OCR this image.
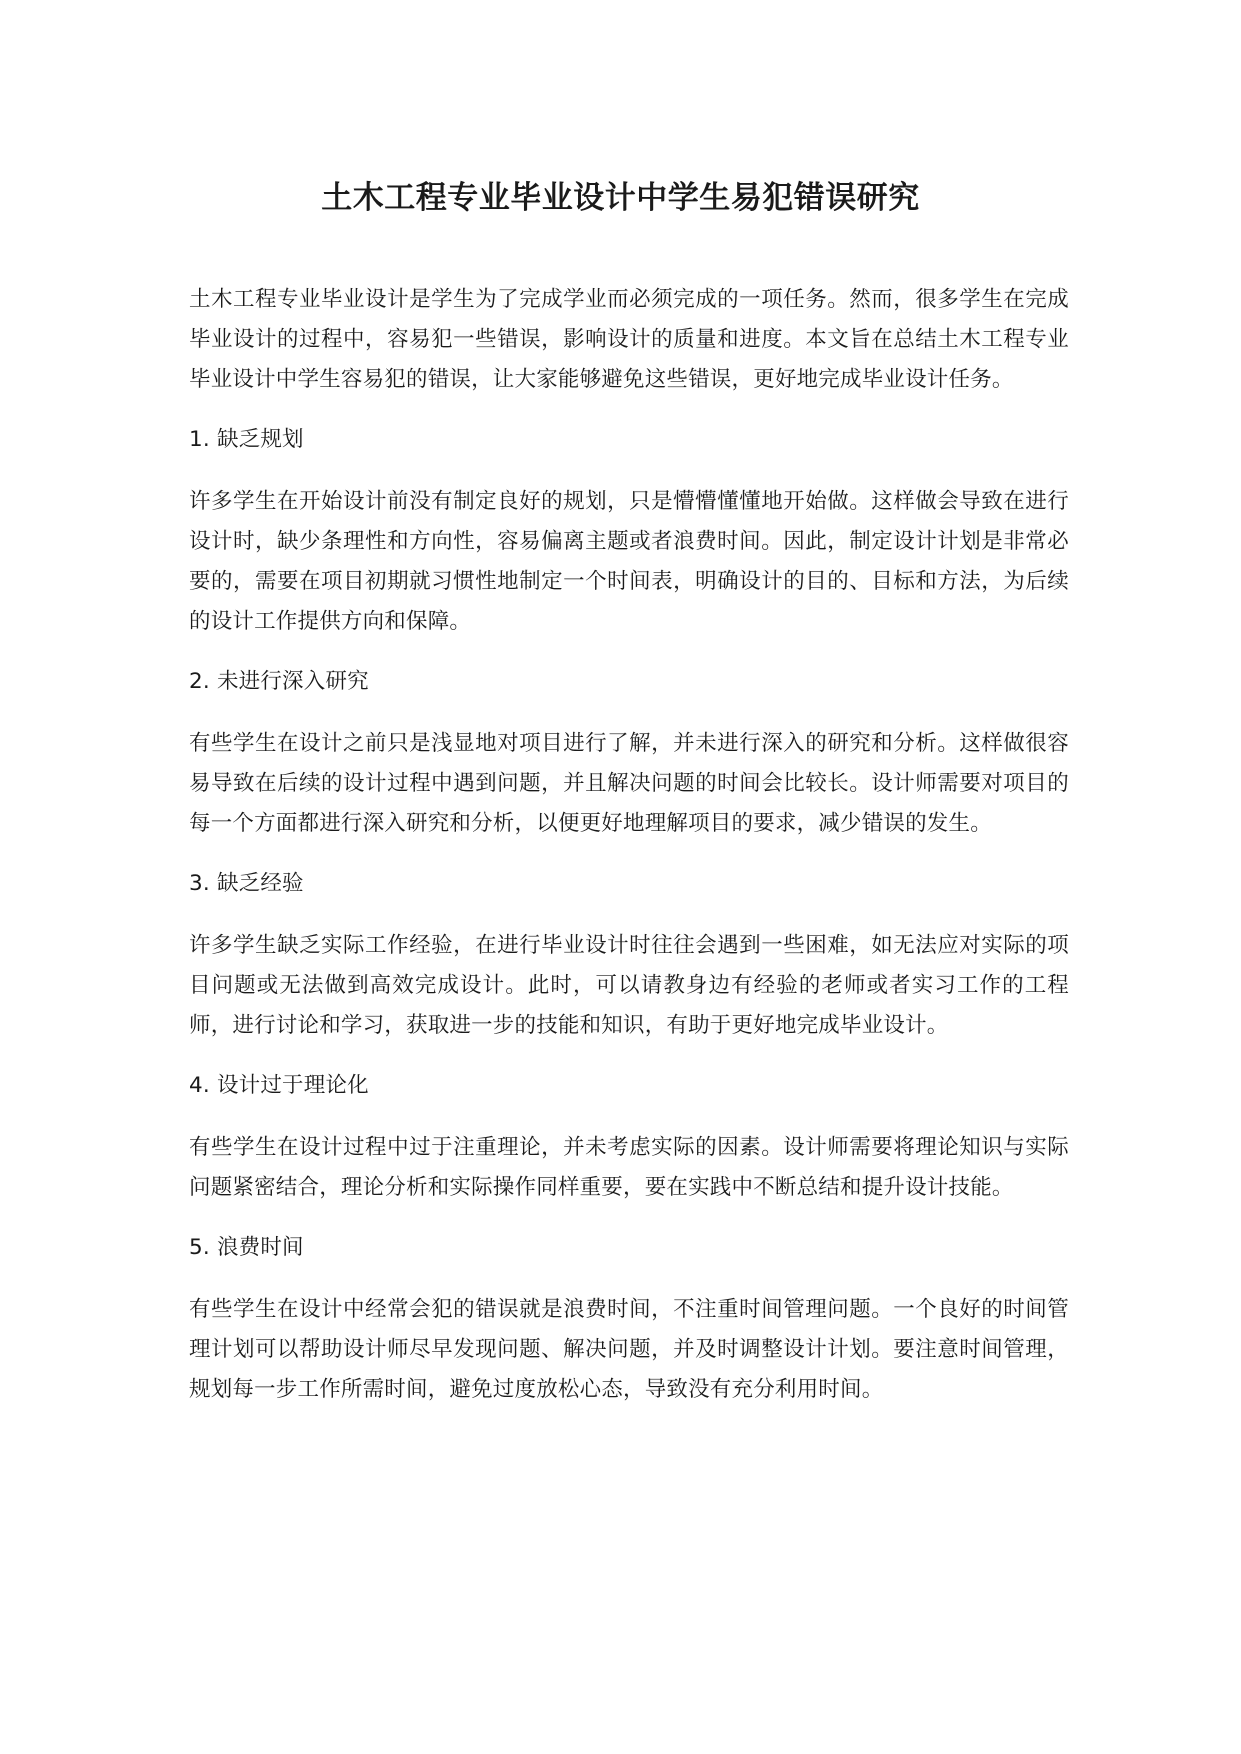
土木工程专业毕业设计中学生易犯错误研究

土木工程专业毕业设计是学生为了完成学业而必须完成的一项任务。然而，很多学生在完成毕业设计的过程中，容易犯一些错误，影响设计的质量和进度。本文旨在总结土木工程专业毕业设计中学生容易犯的错误，让大家能够避免这些错误，更好地完成毕业设计任务。

1. 缺乏规划

许多学生在开始设计前没有制定良好的规划，只是懵懵懂懂地开始做。这样做会导致在进行设计时，缺少条理性和方向性，容易偏离主题或者浪费时间。因此，制定设计计划是非常必要的，需要在项目初期就习惯性地制定一个时间表，明确设计的目的、目标和方法，为后续的设计工作提供方向和保障。

2. 未进行深入研究

有些学生在设计之前只是浅显地对项目进行了解，并未进行深入的研究和分析。这样做很容易导致在后续的设计过程中遇到问题，并且解决问题的时间会比较长。设计师需要对项目的每一个方面都进行深入研究和分析，以便更好地理解项目的要求，减少错误的发生。

3. 缺乏经验

许多学生缺乏实际工作经验，在进行毕业设计时往往会遇到一些困难，如无法应对实际的项目问题或无法做到高效完成设计。此时，可以请教身边有经验的老师或者实习工作的工程师，进行讨论和学习，获取进一步的技能和知识，有助于更好地完成毕业设计。

4. 设计过于理论化

有些学生在设计过程中过于注重理论，并未考虑实际的因素。设计师需要将理论知识与实际问题紧密结合，理论分析和实际操作同样重要，要在实践中不断总结和提升设计技能。

5. 浪费时间

有些学生在设计中经常会犯的错误就是浪费时间，不注重时间管理问题。一个良好的时间管理计划可以帮助设计师尽早发现问题、解决问题，并及时调整设计计划。要注意时间管理，规划每一步工作所需时间，避免过度放松心态，导致没有充分利用时间。
